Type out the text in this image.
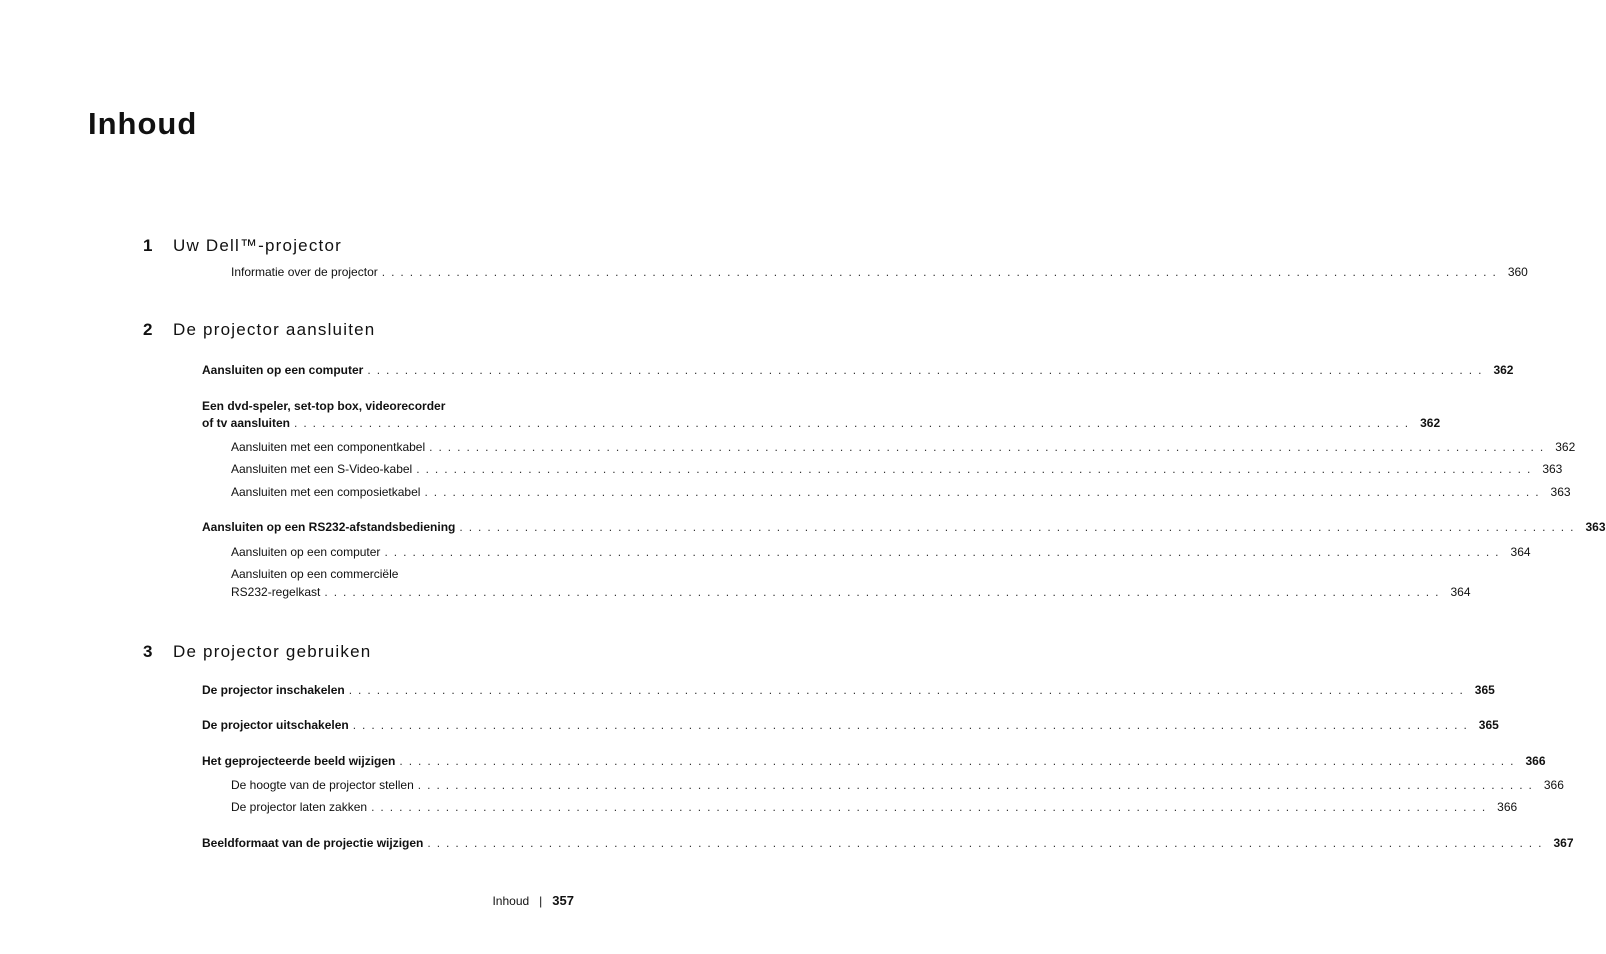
Inhoud
1	Uw Dell™-projector
Informatie over de projector ........................................................................................................................ 360
2	De projector aansluiten
Aansluiten op een computer ........................................................................................................................ 362
Een dvd-speler, set-top box, videorecorder
of tv aansluiten ........................................................................................................................ 362
Aansluiten met een componentkabel ........................................................................................................................ 362
Aansluiten met een S-Video-kabel ........................................................................................................................ 363
Aansluiten met een composietkabel ........................................................................................................................ 363
Aansluiten op een RS232-afstandsbediening ........................................................................................................................ 363
Aansluiten op een computer ........................................................................................................................ 364
Aansluiten op een commerciële
RS232-regelkast ........................................................................................................................ 364
3	De projector gebruiken
De projector inschakelen ........................................................................................................................ 365
De projector uitschakelen ........................................................................................................................ 365
Het geprojecteerde beeld wijzigen ........................................................................................................................ 366
De hoogte van de projector stellen ........................................................................................................................ 366
De projector laten zakken ........................................................................................................................ 366
Beeldformaat van de projectie wijzigen ........................................................................................................................ 367
Inhoud | 357
